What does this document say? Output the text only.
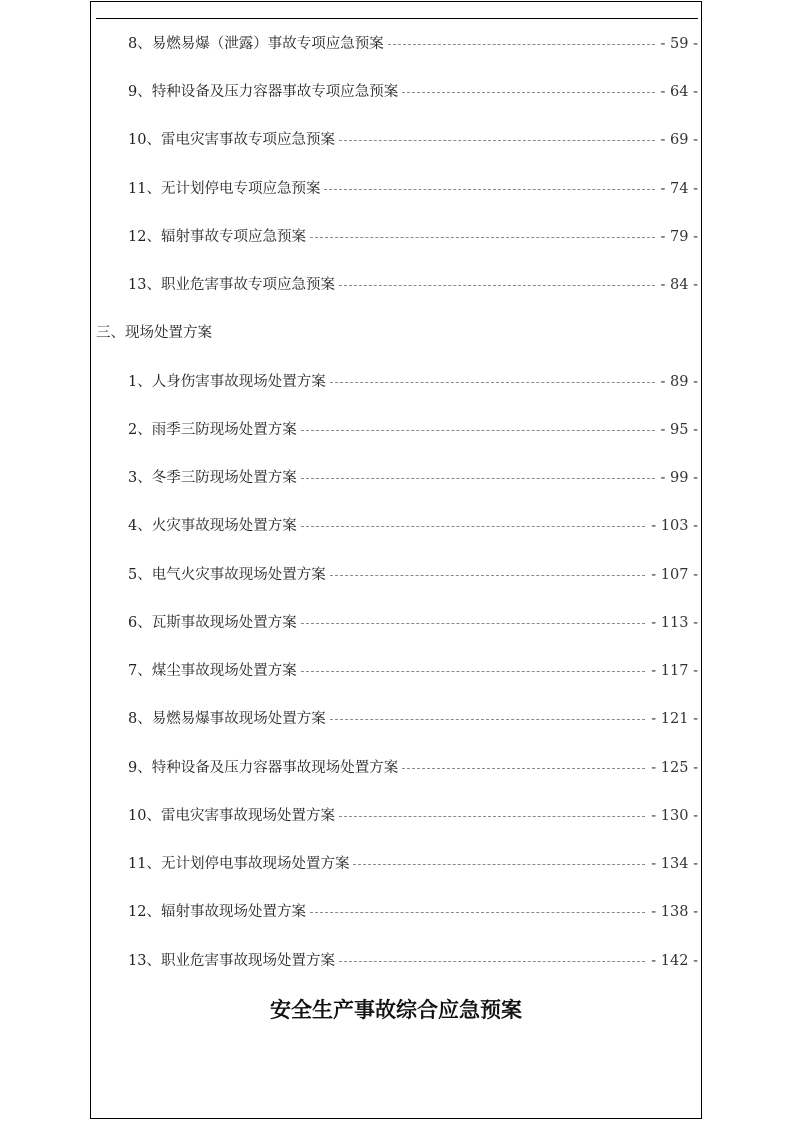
8、易燃易爆（泄露）事故专项应急预案	- 59 -
9、特种设备及压力容器事故专项应急预案	- 64 -
10、雷电灾害事故专项应急预案	- 69 -
11、无计划停电专项应急预案	- 74 -
12、辐射事故专项应急预案	- 79 -
13、职业危害事故专项应急预案	- 84 -
三、现场处置方案
1、人身伤害事故现场处置方案	- 89 -
2、雨季三防现场处置方案	- 95 -
3、冬季三防现场处置方案	- 99 -
4、火灾事故现场处置方案	- 103 -
5、电气火灾事故现场处置方案	- 107 -
6、瓦斯事故现场处置方案	- 113 -
7、煤尘事故现场处置方案	- 117 -
8、易燃易爆事故现场处置方案	- 121 -
9、特种设备及压力容器事故现场处置方案	- 125 -
10、雷电灾害事故现场处置方案	- 130 -
11、无计划停电事故现场处置方案	- 134 -
12、辐射事故现场处置方案	- 138 -
13、职业危害事故现场处置方案	- 142 -
安全生产事故综合应急预案
